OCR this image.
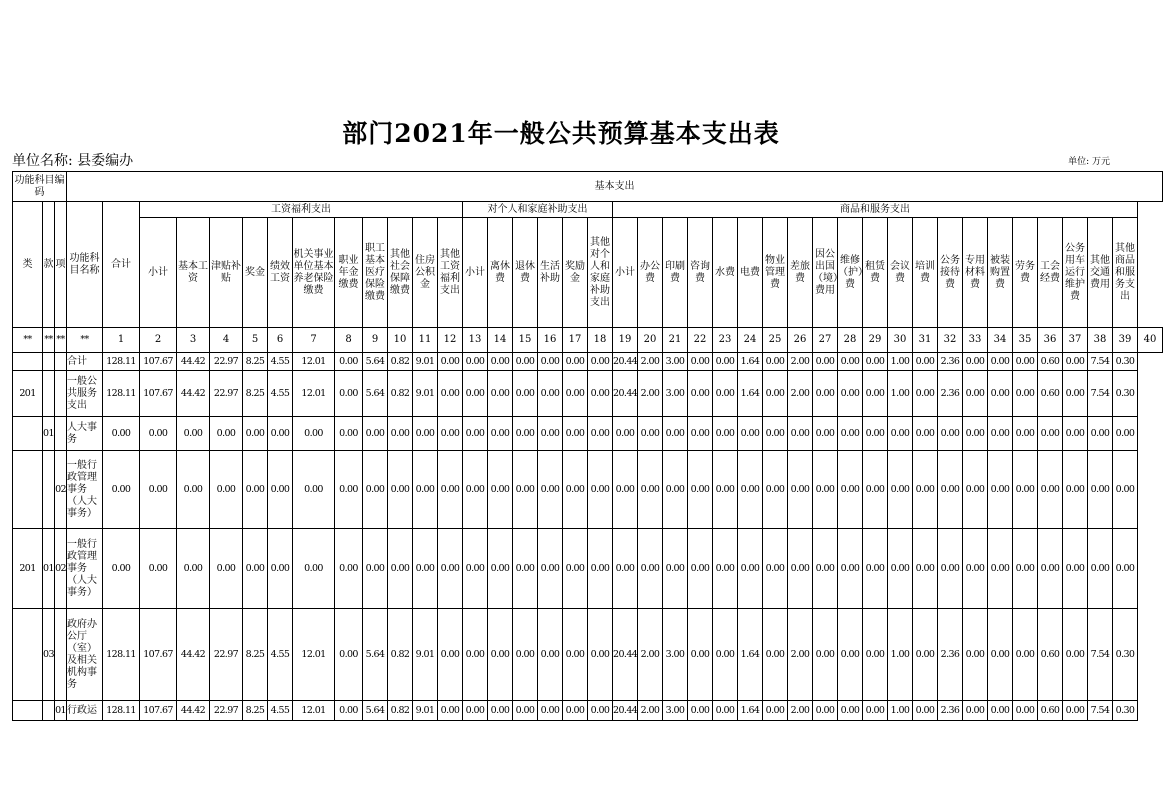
部门2021年一般公共预算基本支出表
单位名称: 县委编办	单位: 万元
功能科目编码			基本支出																																									
类	款	项	功能科目名称	合计	工资福利支出											对个人和家庭补助支出						商品和服务支出																						
					小计	基本工资	津贴补贴	奖金	绩效工资	机关事业单位基本养老保险缴费	职业年金缴费	职工基本医疗保险缴费	其他社会保障缴费	住房公积金	其他工资福利支出	小计	离休费	退休费	生活补助	奖励金	其他对个人和家庭补助支出	小计	办公费	印刷费	咨询费	水费	电费	物业管理费	差旅费	因公出国（境）费用	维修（护）费	租赁费	会议费	培训费	公务接待费	专用材料费	被装购置费	劳务费	工会经费	公务用车运行维护费	其他交通费用	其他商品和服务支出		
**	**	**	**	1	2	3	4	5	6	7	8	9	10	11	12	13	14	15	16	17	18	19	20	21	22	23	24	25	26	27	28	29	30	31	32	33	34	35	36	37	38	39	40	
			合计	128.11	107.67	44.42	22.97	8.25	4.55	12.01	0.00	5.64	0.82	9.01	0.00	0.00	0.00	0.00	0.00	0.00	0.00	20.44	2.00	3.00	0.00	0.00	1.64	0.00	2.00	0.00	0.00	0.00	1.00	0.00	2.36	0.00	0.00	0.00	0.60	0.00	7.54	0.30		
201			一般公共服务支出	128.11	107.67	44.42	22.97	8.25	4.55	12.01	0.00	5.64	0.82	9.01	0.00	0.00	0.00	0.00	0.00	0.00	0.00	20.44	2.00	3.00	0.00	0.00	1.64	0.00	2.00	0.00	0.00	0.00	1.00	0.00	2.36	0.00	0.00	0.00	0.60	0.00	7.54	0.30		
	01		人大事务	0.00	0.00	0.00	0.00	0.00	0.00	0.00	0.00	0.00	0.00	0.00	0.00	0.00	0.00	0.00	0.00	0.00	0.00	0.00	0.00	0.00	0.00	0.00	0.00	0.00	0.00	0.00	0.00	0.00	0.00	0.00	0.00	0.00	0.00	0.00	0.00	0.00	0.00	0.00		
		02	一般行政管理事务（人大事务）	0.00	0.00	0.00	0.00	0.00	0.00	0.00	0.00	0.00	0.00	0.00	0.00	0.00	0.00	0.00	0.00	0.00	0.00	0.00	0.00	0.00	0.00	0.00	0.00	0.00	0.00	0.00	0.00	0.00	0.00	0.00	0.00	0.00	0.00	0.00	0.00	0.00	0.00	0.00		
201	01	02	一般行政管理事务（人大事务）	0.00	0.00	0.00	0.00	0.00	0.00	0.00	0.00	0.00	0.00	0.00	0.00	0.00	0.00	0.00	0.00	0.00	0.00	0.00	0.00	0.00	0.00	0.00	0.00	0.00	0.00	0.00	0.00	0.00	0.00	0.00	0.00	0.00	0.00	0.00	0.00	0.00	0.00	0.00		
	03		政府办公厅（室）及相关机构事务	128.11	107.67	44.42	22.97	8.25	4.55	12.01	0.00	5.64	0.82	9.01	0.00	0.00	0.00	0.00	0.00	0.00	0.00	20.44	2.00	3.00	0.00	0.00	1.64	0.00	2.00	0.00	0.00	0.00	1.00	0.00	2.36	0.00	0.00	0.00	0.60	0.00	7.54	0.30		
		01	行政运	128.11	107.67	44.42	22.97	8.25	4.55	12.01	0.00	5.64	0.82	9.01	0.00	0.00	0.00	0.00	0.00	0.00	0.00	20.44	2.00	3.00	0.00	0.00	1.64	0.00	2.00	0.00	0.00	0.00	1.00	0.00	2.36	0.00	0.00	0.00	0.60	0.00	7.54	0.30		
